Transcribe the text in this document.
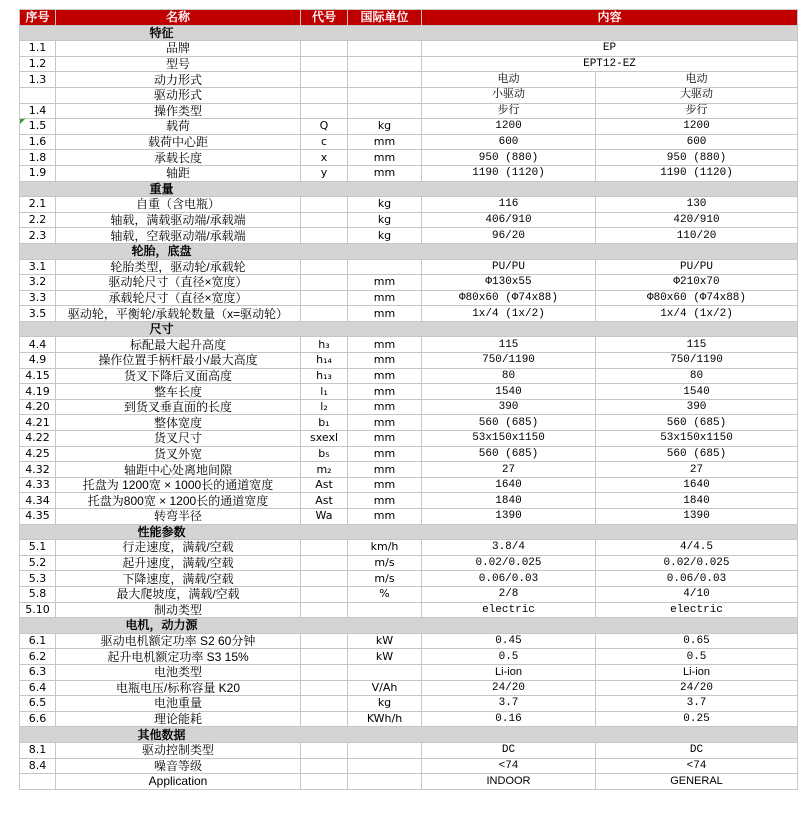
序号	名称	代号	国际单位	内容	

特征					

1.1	品牌			EP	
1.2	型号			EPT12-EZ	
1.3	动力形式			电动	电动
	驱动形式			小驱动	大驱动
1.4	操作类型			步行	步行
1.5	载荷	Q	kg	1200	1200
1.6	载荷中心距	c	mm	600	600
1.8	承载长度	x	mm	950 (880)	950 (880)
1.9	轴距	y	mm	1190 (1120)	1190 (1120)

重量					

2.1	自重（含电瓶）		kg	116	130
2.2	轴载，满载驱动端/承载端		kg	406/910	420/910
2.3	轴载，空载驱动端/承载端		kg	96/20	110/20

轮胎，底盘					

3.1	轮胎类型，驱动轮/承载轮			PU/PU	PU/PU
3.2	驱动轮尺寸（直径×宽度）		mm	Φ130x55	Φ210x70
3.3	承载轮尺寸（直径×宽度）		mm	Φ80x60 (Φ74x88)	Φ80x60 (Φ74x88)
3.5	驱动轮，平衡轮/承载轮数量（x=驱动轮）		mm	1x/4 (1x/2)	1x/4 (1x/2)

尺寸					

4.4	标配最大起升高度	h₃	mm	115	115
4.9	操作位置手柄杆最小/最大高度	h₁₄	mm	750/1190	750/1190
4.15	货叉下降后叉面高度	h₁₃	mm	80	80
4.19	整车长度	l₁	mm	1540	1540
4.20	到货叉垂直面的长度	l₂	mm	390	390
4.21	整体宽度	b₁	mm	560 (685)	560 (685)
4.22	货叉尺寸	sxexl	mm	53x150x1150	53x150x1150
4.25	货叉外宽	b₅	mm	560 (685)	560 (685)
4.32	轴距中心处离地间隙	m₂	mm	27	27
4.33	托盘为 1200宽 × 1000长的通道宽度	Ast	mm	1640	1640
4.34	托盘为800宽 × 1200长的通道宽度	Ast	mm	1840	1840
4.35	转弯半径	Wa	mm	1390	1390

性能参数					

5.1	行走速度，满载/空载		km/h	3.8/4	4/4.5
5.2	起升速度，满载/空载		m/s	0.02/0.025	0.02/0.025
5.3	下降速度，满载/空载		m/s	0.06/0.03	0.06/0.03
5.8	最大爬坡度，满载/空载		%	2/8	4/10
5.10	制动类型			electric	electric

电机，动力源					

6.1	驱动电机额定功率 S2 60分钟		kW	0.45	0.65
6.2	起升电机额定功率 S3 15%		kW	0.5	0.5
6.3	电池类型			Li-ion	Li-ion
6.4	电瓶电压/标称容量 K20		V/Ah	24/20	24/20
6.5	电池重量		kg	3.7	3.7
6.6	理论能耗		KWh/h	0.16	0.25

其他数据					

8.1	驱动控制类型			DC	DC
8.4	噪音等级			<74	<74
	Application			INDOOR	GENERAL
